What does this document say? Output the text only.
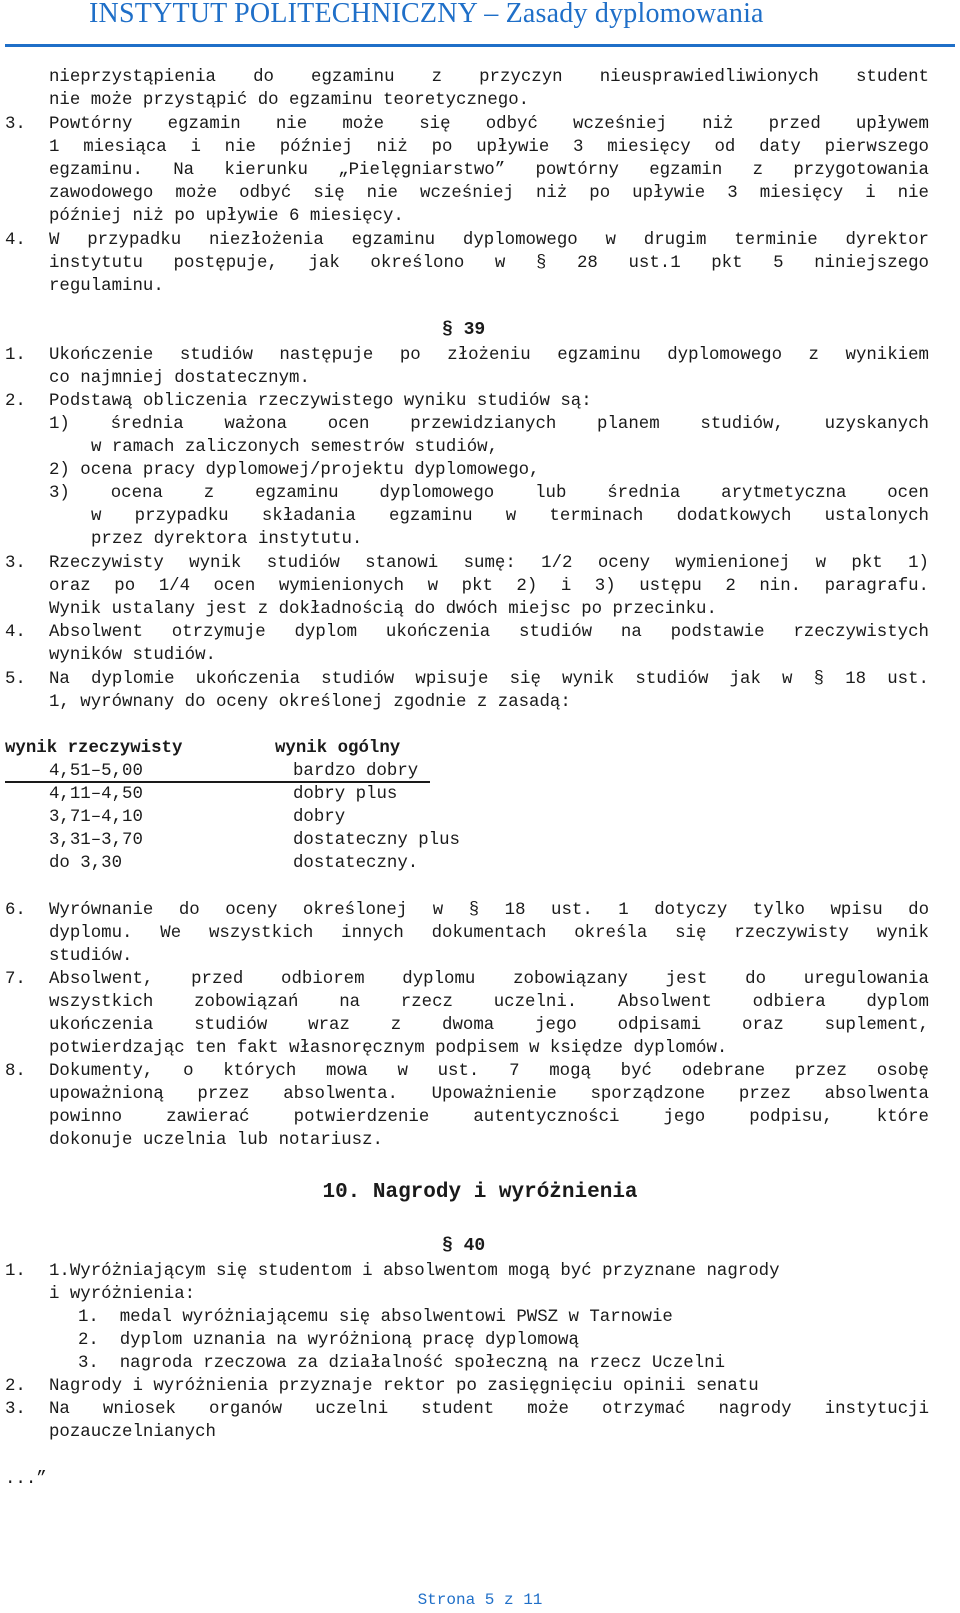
INSTYTUT POLITECHNICZNY – Zasady dyplomowania
nieprzystąpienia do egzaminu z przyczyn nieusprawiedliwionych student
nie może przystąpić do egzaminu teoretycznego.
3. Powtórny egzamin nie może się odbyć wcześniej niż przed upływem
1 miesiąca i nie później niż po upływie 3 miesięcy od daty pierwszego
egzaminu. Na kierunku „Pielęgniarstwo” powtórny egzamin z przygotowania
zawodowego może odbyć się nie wcześniej niż po upływie 3 miesięcy i nie
później niż po upływie 6 miesięcy.
4. W przypadku niezłożenia egzaminu dyplomowego w drugim terminie dyrektor
instytutu postępuje, jak określono w § 28 ust.1 pkt 5 niniejszego
regulaminu.
§ 39
1. Ukończenie studiów następuje po złożeniu egzaminu dyplomowego z wynikiem
co najmniej dostatecznym.
2. Podstawą obliczenia rzeczywistego wyniku studiów są:
1) średnia ważona ocen przewidzianych planem studiów, uzyskanych
w ramach zaliczonych semestrów studiów,
2) ocena pracy dyplomowej/projektu dyplomowego,
3) ocena z egzaminu dyplomowego lub średnia arytmetyczna ocen
w przypadku składania egzaminu w terminach dodatkowych ustalonych
przez dyrektora instytutu.
3. Rzeczywisty wynik studiów stanowi sumę: 1/2 oceny wymienionej w pkt 1)
oraz po 1/4 ocen wymienionych w pkt 2) i 3) ustępu 2 nin. paragrafu.
Wynik ustalany jest z dokładnością do dwóch miejsc po przecinku.
4. Absolwent otrzymuje dyplom ukończenia studiów na podstawie rzeczywistych
wyników studiów.
5. Na dyplomie ukończenia studiów wpisuje się wynik studiów jak w § 18 ust.
1, wyrównany do oceny określonej zgodnie z zasadą:
wynik rzeczywisty	wynik ogólny
4,51–5,00	bardzo dobry
4,11–4,50	dobry plus
3,71–4,10	dobry
3,31–3,70	dostateczny plus
do 3,30	dostateczny.
6. Wyrównanie do oceny określonej w § 18 ust. 1 dotyczy tylko wpisu do
dyplomu. We wszystkich innych dokumentach określa się rzeczywisty wynik
studiów.
7. Absolwent, przed odbiorem dyplomu zobowiązany jest do uregulowania
wszystkich zobowiązań na rzecz uczelni. Absolwent odbiera dyplom
ukończenia studiów wraz z dwoma jego odpisami oraz suplement,
potwierdzając ten fakt własnoręcznym podpisem w księdze dyplomów.
8. Dokumenty, o których mowa w ust. 7 mogą być odebrane przez osobę
upoważnioną przez absolwenta. Upoważnienie sporządzone przez absolwenta
powinno zawierać potwierdzenie autentyczności jego podpisu, które
dokonuje uczelnia lub notariusz.
10. Nagrody i wyróżnienia
§ 40
1. 1.Wyróżniającym się studentom i absolwentom mogą być przyznane nagrody
i wyróżnienia:
1.  medal wyróżniającemu się absolwentowi PWSZ w Tarnowie
2.  dyplom uznania na wyróżnioną pracę dyplomową
3.  nagroda rzeczowa za działalność społeczną na rzecz Uczelni
2. Nagrody i wyróżnienia przyznaje rektor po zasięgnięciu opinii senatu
3. Na wniosek organów uczelni student może otrzymać nagrody instytucji
pozauczelnianych
...”
Strona 5 z 11
